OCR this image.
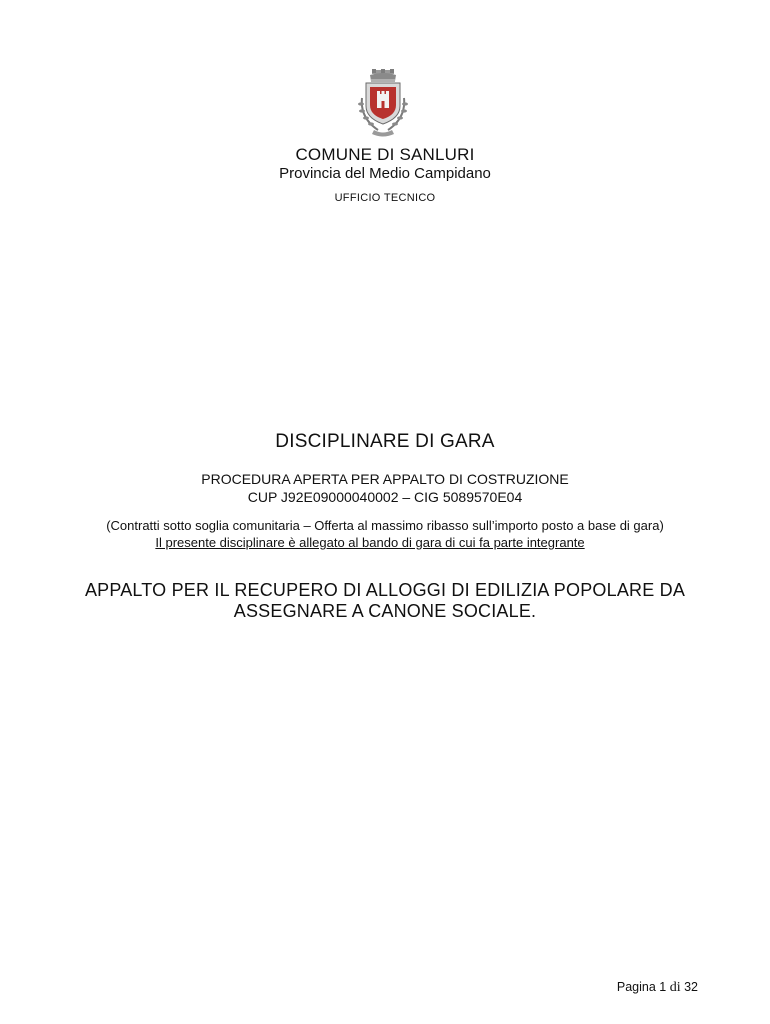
COMUNE DI SANLURI
Provincia del Medio Campidano
UFFICIO TECNICO
DISCIPLINARE DI GARA
PROCEDURA APERTA PER APPALTO DI COSTRUZIONE
CUP J92E09000040002 – CIG 5089570E04
(Contratti sotto soglia comunitaria – Offerta al massimo ribasso sull’importo posto a base di gara)
Il presente disciplinare è allegato al bando di gara di cui fa parte integrante
APPALTO PER IL RECUPERO DI ALLOGGI DI EDILIZIA POPOLARE DA
ASSEGNARE A CANONE SOCIALE.
Pagina 1 di 32
